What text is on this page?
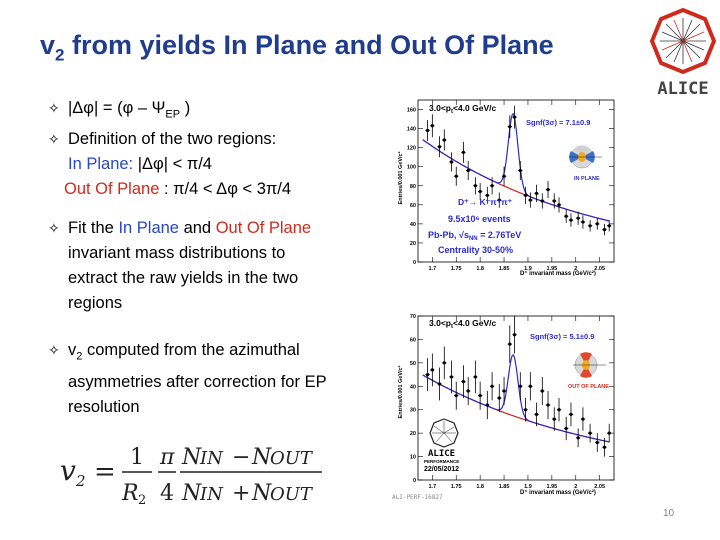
$v_2$ from yields In Plane and Out Of Plane
ALICE
✧ $|\Delta\varphi| = (\varphi - \Psi_{EP}$ )
✧ Definition of the two regions:
In Plane: |Δφ| < π/4
Out Of Plane : π/4 < Δφ < 3π/4
✧ Fit the In Plane and Out Of Plane
invariant mass distributions to
extract the raw yields in the two
regions
✧ $v_2$ computed from the azimuthal
asymmetries after correction for EP
resolution
v 2 = 1
R 2
π
4
N
IN − N
OUT
N
IN + N
OUT
1.7	1.75	1.8	1.85	1.9	1.95	2	2.05
0
20
40
60
80
100
120
140
160 $3.0<p_t<4.0$ GeV/c
Sgnf(3σ) = 7.1±0.9
IN PLANE
D⁺→ K⁻π⁺π⁺
9.5x10⁶ events
Pb-Pb, $√s_{NN} = 2.76TeV$
Centrality 30-50%
D⁺ invariant mass (GeV/c²)
Entries/0.001 GeV/c²
1.7	1.75	1.8	1.85	1.9	1.95	2	2.05
0
10
20
30
40
50
60
70
$3.0<p_t<4.0$ GeV/c
Sgnf(3σ) = 5.1±0.9
OUT OF PLANE
ALICE
PERFORMANCE
22/05/2012
D⁺ invariant mass (GeV/c²)
Entries/0.001 GeV/c²
ALI-PERF-16827
10
